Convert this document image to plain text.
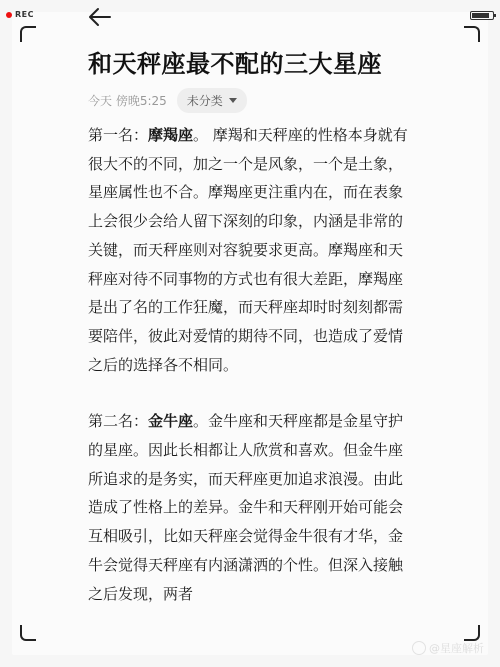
REC
和天秤座最不配的三大星座
今天 傍晚5:25 未分类

第一名：摩羯座。 摩羯和天秤座的性格本身就有很大不的不同，加之一个是风象，一个是土象，星座属性也不合。摩羯座更注重内在，而在表象上会很少会给人留下深刻的印象，内涵是非常的关键，而天秤座则对容貌要求更高。摩羯座和天秤座对待不同事物的方式也有很大差距，摩羯座是出了名的工作狂魔，而天秤座却时时刻刻都需要陪伴，彼此对爱情的期待不同，也造成了爱情之后的选择各不相同。

第二名：金牛座。金牛座和天秤座都是金星守护的星座。因此长相都让人欣赏和喜欢。但金牛座所追求的是务实，而天秤座更加追求浪漫。由此造成了性格上的差异。金牛和天秤刚开始可能会互相吸引，比如天秤座会觉得金牛很有才华，金牛会觉得天秤座有内涵潇洒的个性。但深入接触之后发现，两者

@星座解析
